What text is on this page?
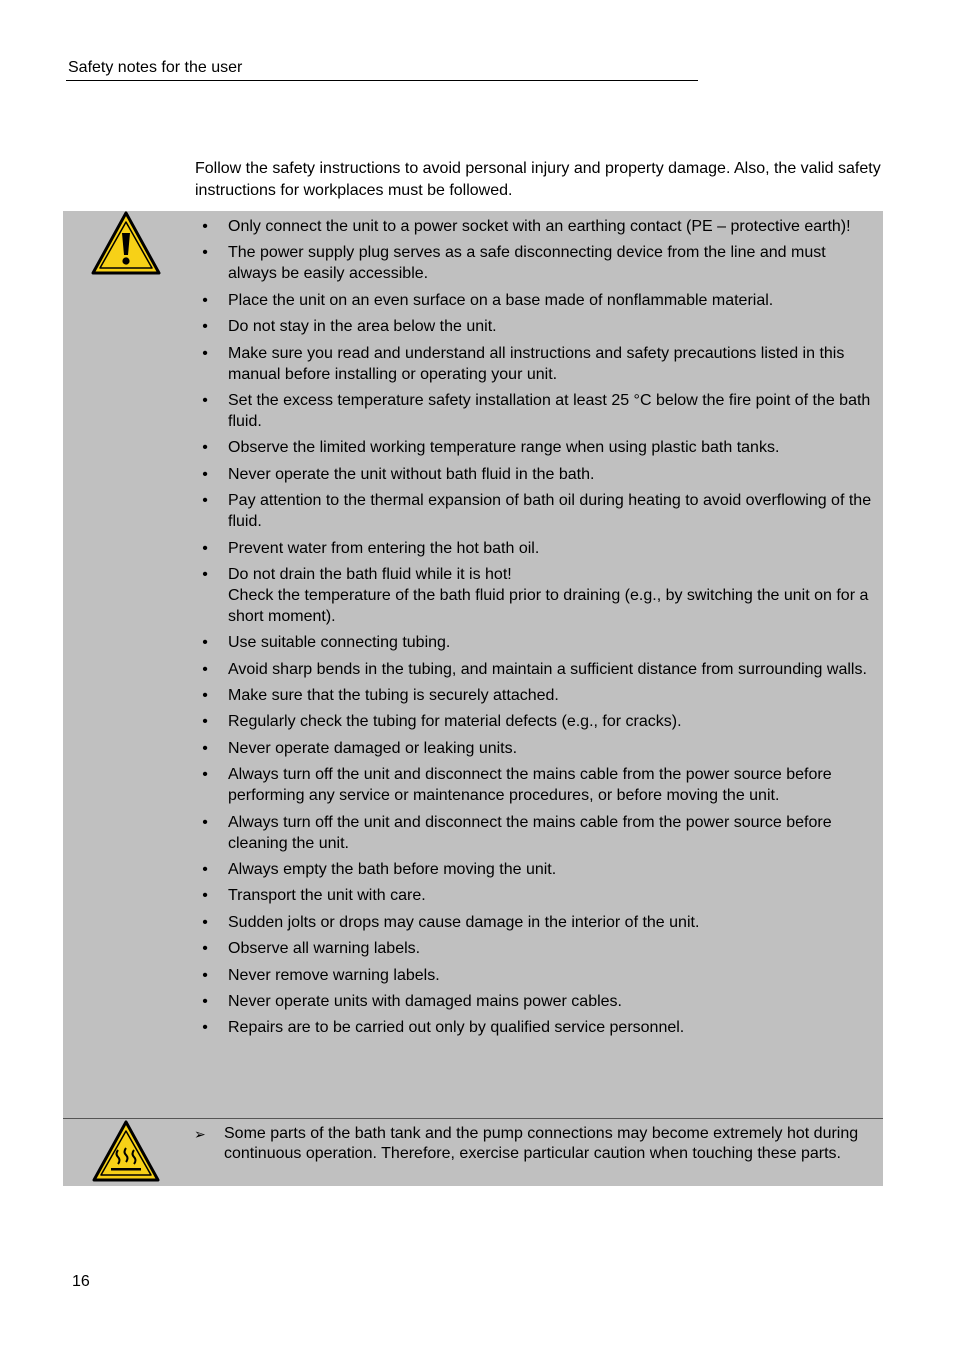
Safety notes for the user
Follow the safety instructions to avoid personal injury and property damage. Also, the valid safety instructions for workplaces must be followed.
• Only connect the unit to a power socket with an earthing contact (PE – protective earth)!
• The power supply plug serves as a safe disconnecting device from the line and must always be easily accessible.
• Place the unit on an even surface on a base made of nonflammable material.
• Do not stay in the area below the unit.
• Make sure you read and understand all instructions and safety precautions listed in this manual before installing or operating your unit.
• Set the excess temperature safety installation at least 25 °C below the fire point of the bath fluid.
• Observe the limited working temperature range when using plastic bath tanks.
• Never operate the unit without bath fluid in the bath.
• Pay attention to the thermal expansion of bath oil during heating to avoid overflowing of the fluid.
• Prevent water from entering the hot bath oil.
• Do not drain the bath fluid while it is hot!
Check the temperature of the bath fluid prior to draining (e.g., by switching the unit on for a short moment).
• Use suitable connecting tubing.
• Avoid sharp bends in the tubing, and maintain a sufficient distance from surrounding walls.
• Make sure that the tubing is securely attached.
• Regularly check the tubing for material defects (e.g., for cracks).
• Never operate damaged or leaking units.
• Always turn off the unit and disconnect the mains cable from the power source before performing any service or maintenance procedures, or before moving the unit.
• Always turn off the unit and disconnect the mains cable from the power source before cleaning the unit.
• Always empty the bath before moving the unit.
• Transport the unit with care.
• Sudden jolts or drops may cause damage in the interior of the unit.
• Observe all warning labels.
• Never remove warning labels.
• Never operate units with damaged mains power cables.
• Repairs are to be carried out only by qualified service personnel.
➢ Some parts of the bath tank and the pump connections may become extremely hot during continuous operation. Therefore, exercise particular caution when touching these parts.
16
